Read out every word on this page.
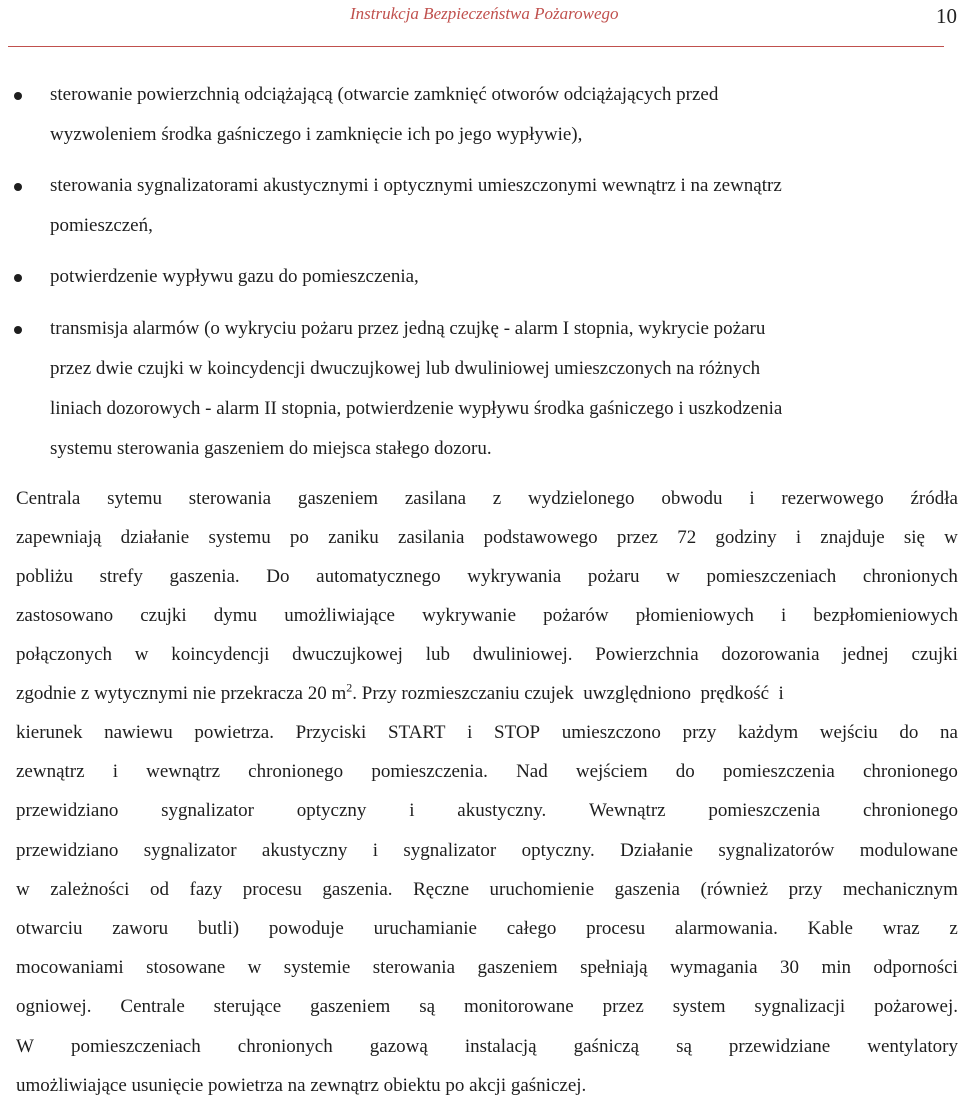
Instrukcja Bezpieczeństwa Pożarowego	10
sterowanie powierzchnią odciążającą (otwarcie zamknięć otworów odciążających przed
wyzwoleniem środka gaśniczego i zamknięcie ich po jego wypływie),
sterowania sygnalizatorami akustycznymi i optycznymi umieszczonymi wewnątrz i na zewnątrz
pomieszczeń,
potwierdzenie wypływu gazu do pomieszczenia,
transmisja alarmów (o wykryciu pożaru przez jedną czujkę - alarm I stopnia, wykrycie pożaru
przez dwie czujki w koincydencji dwuczujkowej lub dwuliniowej umieszczonych na różnych
liniach dozorowych - alarm II stopnia, potwierdzenie wypływu środka gaśniczego i uszkodzenia
systemu sterowania gaszeniem do miejsca stałego dozoru.
Centrala sytemu sterowania gaszeniem zasilana z wydzielonego obwodu i rezerwowego źródła
zapewniają działanie systemu po zaniku zasilania podstawowego przez 72 godziny i znajduje się w
pobliżu strefy gaszenia. Do automatycznego wykrywania pożaru w pomieszczeniach chronionych
zastosowano czujki dymu umożliwiające wykrywanie pożarów płomieniowych i bezpłomieniowych
połączonych w koincydencji dwuczujkowej lub dwuliniowej. Powierzchnia dozorowania jednej czujki
zgodnie z wytycznymi nie przekracza 20 $m^2$. Przy rozmieszczaniu czujek  uwzględniono  prędkość  i
kierunek nawiewu powietrza. Przyciski START i STOP umieszczono przy każdym wejściu do na
zewnątrz i wewnątrz chronionego pomieszczenia. Nad wejściem do pomieszczenia chronionego
przewidziano sygnalizator optyczny i akustyczny. Wewnątrz pomieszczenia chronionego
przewidziano sygnalizator akustyczny i sygnalizator optyczny. Działanie sygnalizatorów modulowane
w zależności od fazy procesu gaszenia. Ręczne uruchomienie gaszenia (również przy mechanicznym
otwarciu zaworu butli) powoduje uruchamianie całego procesu alarmowania. Kable wraz z
mocowaniami stosowane w systemie sterowania gaszeniem spełniają wymagania 30 min odporności
ogniowej. Centrale sterujące gaszeniem są monitorowane przez system sygnalizacji pożarowej.
W pomieszczeniach chronionych gazową instalacją gaśniczą są przewidziane wentylatory
umożliwiające usunięcie powietrza na zewnątrz obiektu po akcji gaśniczej.
